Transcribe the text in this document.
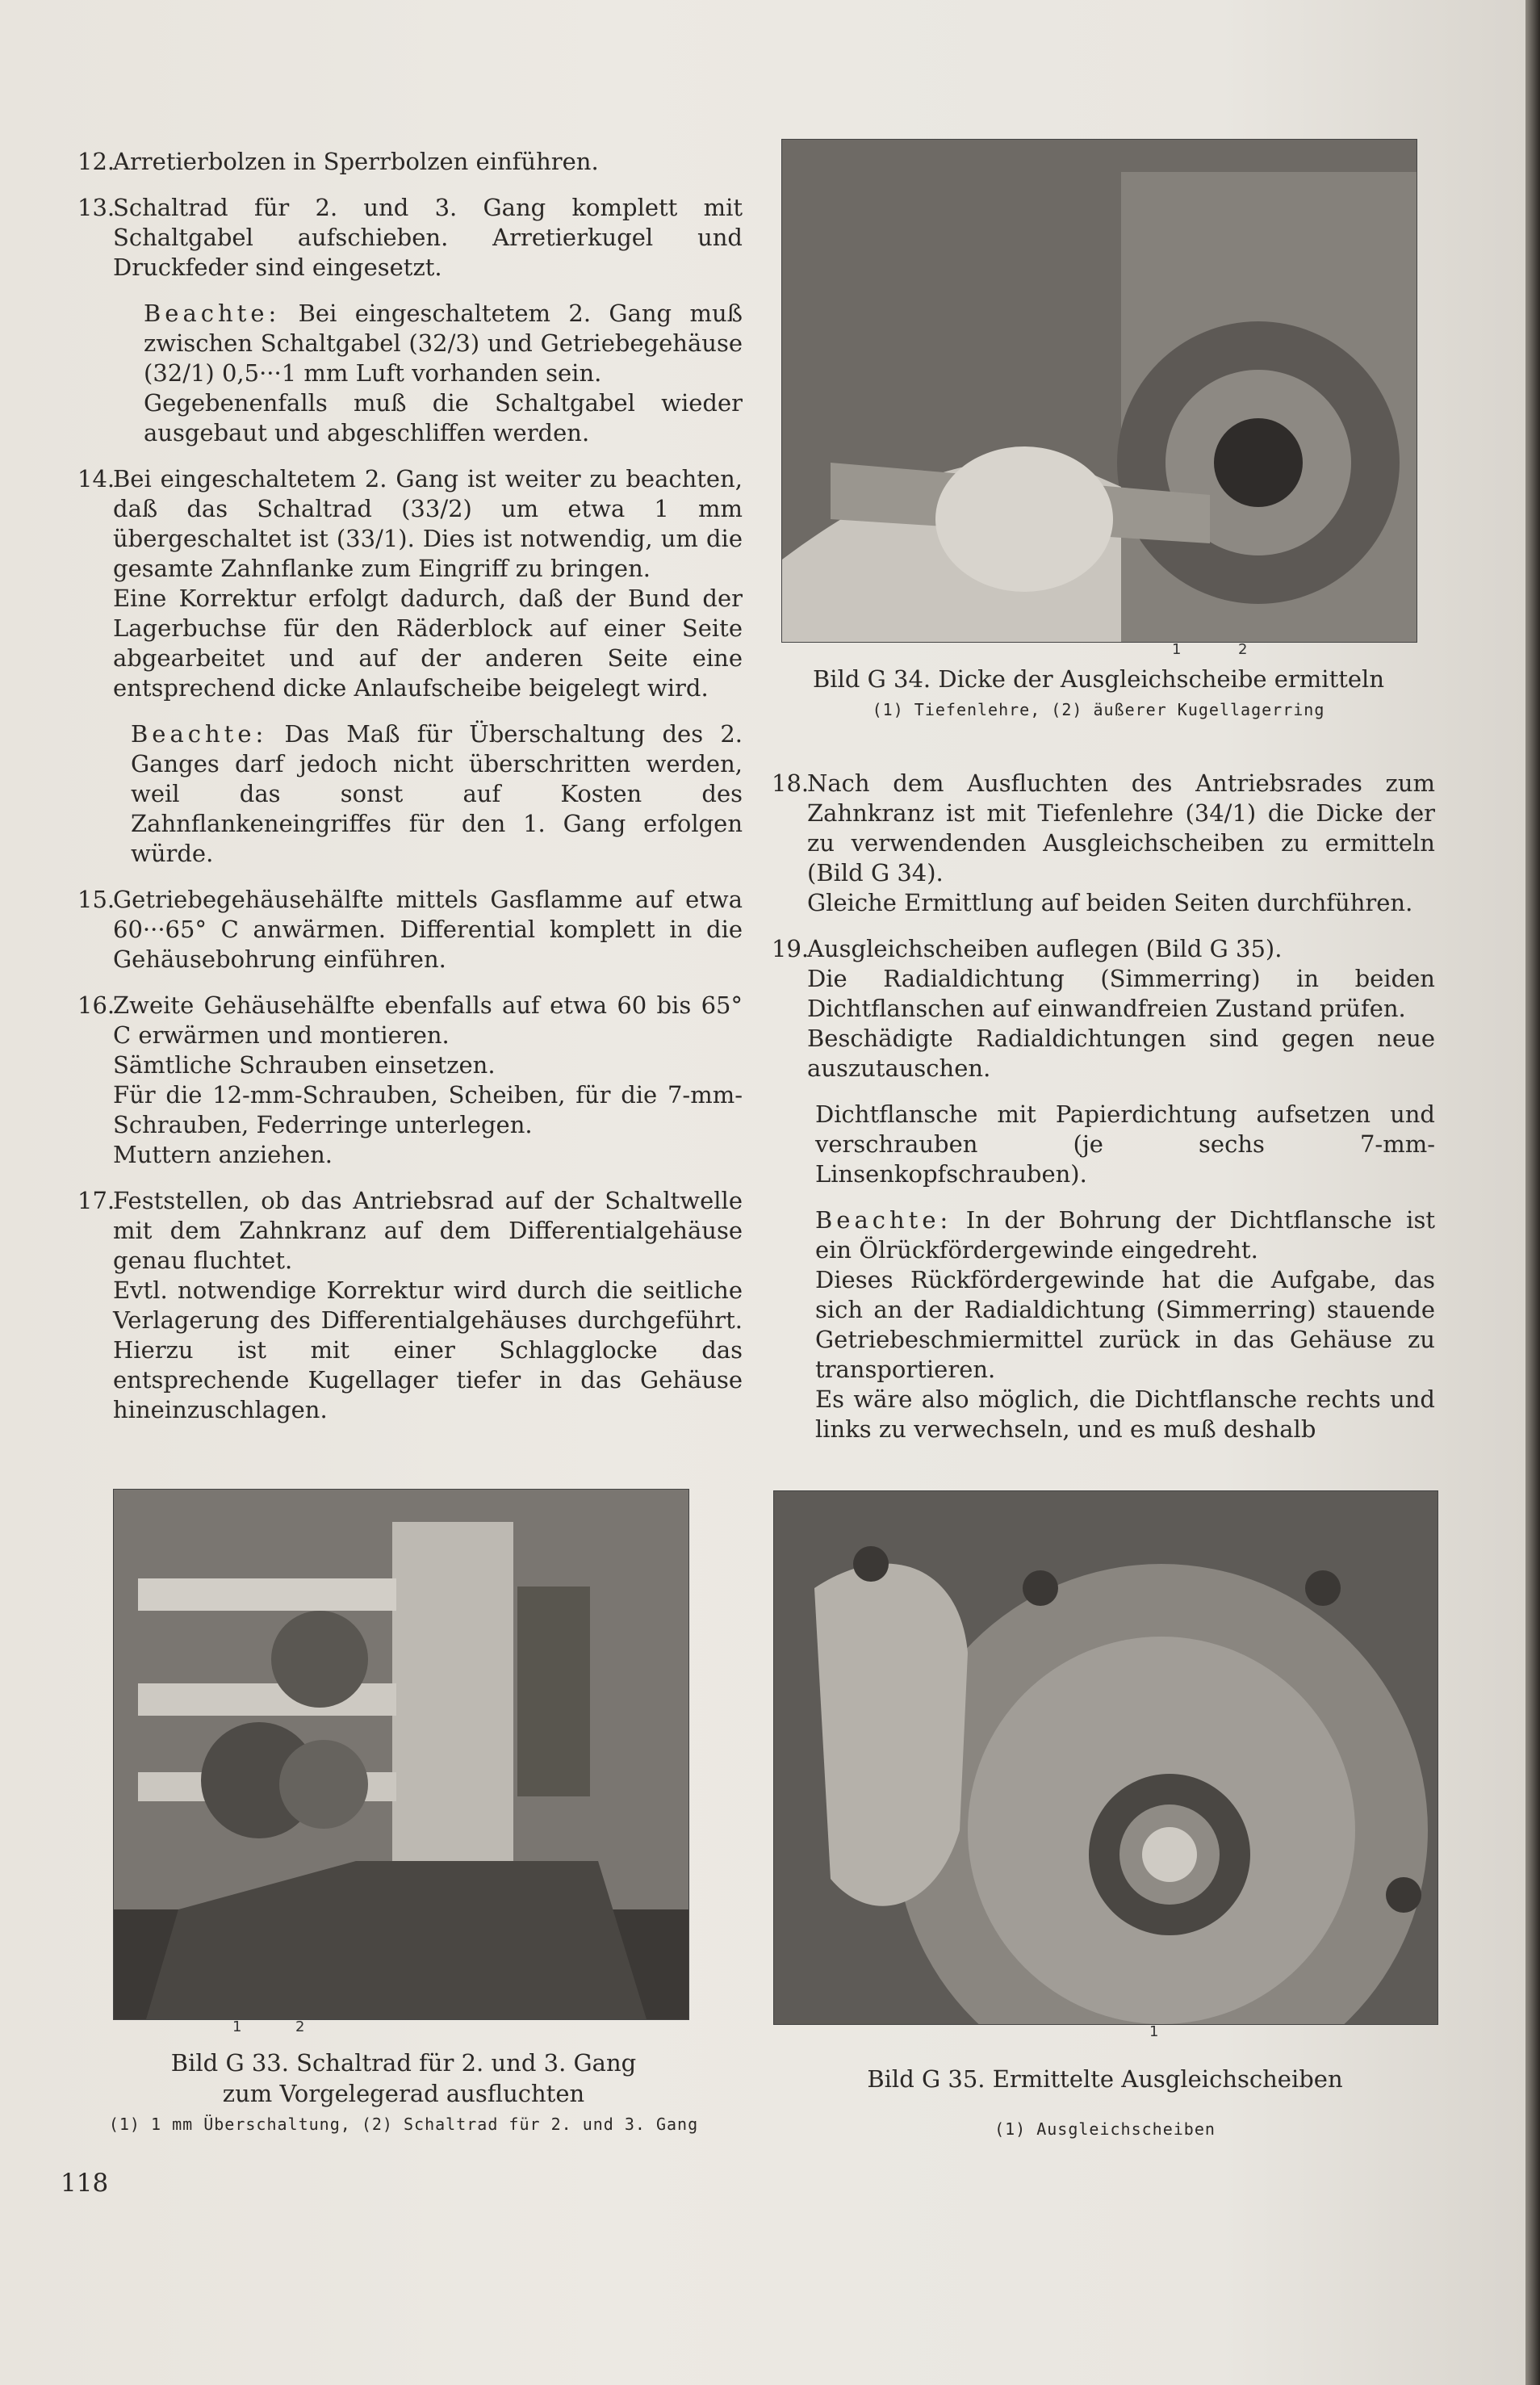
12.

Arretierbolzen in Sperrbolzen einführen.

13.

Schaltrad für 2. und 3. Gang komplett mit Schaltgabel aufschieben. Arretierkugel und Druckfeder sind eingesetzt.

Beachte: Bei eingeschaltetem 2. Gang muß zwischen Schaltgabel (32/3) und Getriebegehäuse (32/1) 0,5···1 mm Luft vorhanden sein.
Gegebenenfalls muß die Schaltgabel wieder ausgebaut und abgeschliffen werden.
14.

Bei eingeschaltetem 2. Gang ist weiter zu beachten, daß das Schaltrad (33/2) um etwa 1 mm übergeschaltet ist (33/1). Dies ist notwendig, um die gesamte Zahnflanke zum Eingriff zu bringen.
Eine Korrektur erfolgt dadurch, daß der Bund der Lagerbuchse für den Räderblock auf einer Seite abgearbeitet und auf der anderen Seite eine entsprechend dicke Anlaufscheibe beigelegt wird.

Beachte: Das Maß für Überschaltung des 2. Ganges darf jedoch nicht überschritten werden, weil das sonst auf Kosten des Zahnflankeneingriffes für den 1. Gang erfolgen würde.
15.

Getriebegehäusehälfte mittels Gasflamme auf etwa 60···65° C anwärmen. Differential komplett in die Gehäusebohrung einführen.

16.

Zweite Gehäusehälfte ebenfalls auf etwa 60 bis 65° C erwärmen und montieren.
Sämtliche Schrauben einsetzen.
Für die 12-mm-Schrauben, Scheiben, für die 7-mm-Schrauben, Federringe unterlegen.
Muttern anziehen.

17.

Feststellen, ob das Antriebsrad auf der Schaltwelle mit dem Zahnkranz auf dem Differentialgehäuse genau fluchtet.
Evtl. notwendige Korrektur wird durch die seitliche Verlagerung des Differentialgehäuses durchgeführt. Hierzu ist mit einer Schlagglocke das entsprechende Kugellager tiefer in das Gehäuse hineinzuschlagen.

1	2
Bild G 34. Dicke der Ausgleichscheibe ermitteln
(1) Tiefenlehre, (2) äußerer Kugellagerring
18.

Nach dem Ausfluchten des Antriebsrades zum Zahnkranz ist mit Tiefenlehre (34/1) die Dicke der zu verwendenden Ausgleichscheiben zu ermitteln (Bild G 34).
Gleiche Ermittlung auf beiden Seiten durchführen.

19.

Ausgleichscheiben auflegen (Bild G 35).
Die Radialdichtung (Simmerring) in beiden Dichtflanschen auf einwandfreien Zustand prüfen.
Beschädigte Radialdichtungen sind gegen neue auszutauschen.

Dichtflansche mit Papierdichtung aufsetzen und verschrauben (je sechs 7-mm-Linsenkopfschrauben).

Beachte: In der Bohrung der Dichtflansche ist ein Ölrückfördergewinde eingedreht.
Dieses Rückfördergewinde hat die Aufgabe, das sich an der Radialdichtung (Simmerring) stauende Getriebeschmiermittel zurück in das Gehäuse zu transportieren.
Es wäre also möglich, die Dichtflansche rechts und links zu verwechseln, und es muß deshalb
1	2
Bild G 33. Schaltrad für 2. und 3. Gang
zum Vorgelegerad ausfluchten
(1) 1 mm Überschaltung, (2) Schaltrad für 2. und 3. Gang
1
Bild G 35. Ermittelte Ausgleichscheiben
(1) Ausgleichscheiben
118
